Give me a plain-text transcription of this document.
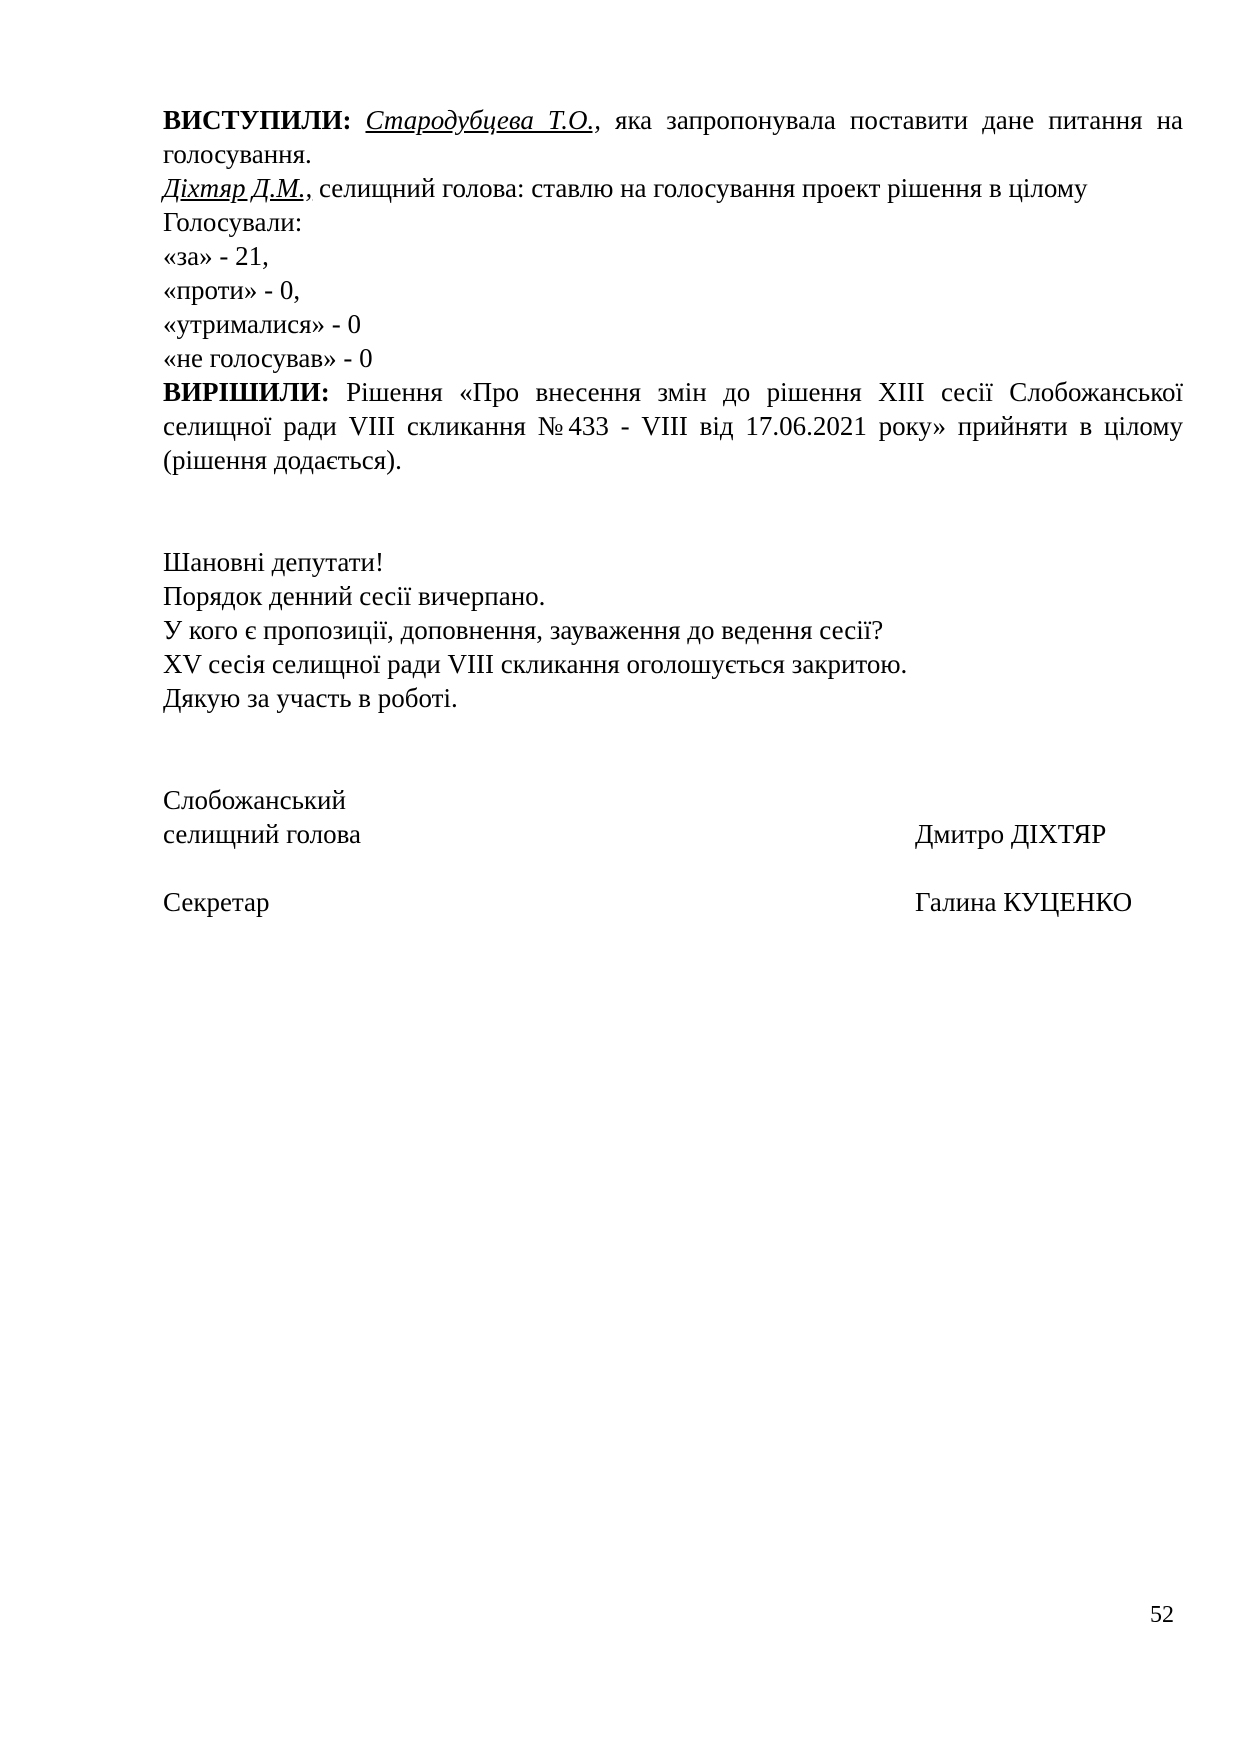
ВИСТУПИЛИ: Стародубцева Т.О., яка запропонувала поставити дане питання на голосування.

Діхтяр Д.М., селищний голова: ставлю на голосування проект рішення в цілому

Голосували:

«за» - 21,

«проти» - 0,

«утрималися» - 0

«не голосував» - 0

ВИРІШИЛИ: Рішення «Про внесення змін до рішення ХІІІ сесії Слобожанської селищної ради VIII скликання №433 - VIII від 17.06.2021 року» прийняти в цілому (рішення додається).

Шановні депутати!

Порядок денний сесії вичерпано.

У кого є пропозиції, доповнення, зауваження до ведення сесії?

XV сесія селищної ради VIII скликання оголошується закритою.

Дякую за участь в роботі.

Слобожанський

селищний голова	Дмитро ДІХТЯР
Секретар	Галина КУЦЕНКО
52
